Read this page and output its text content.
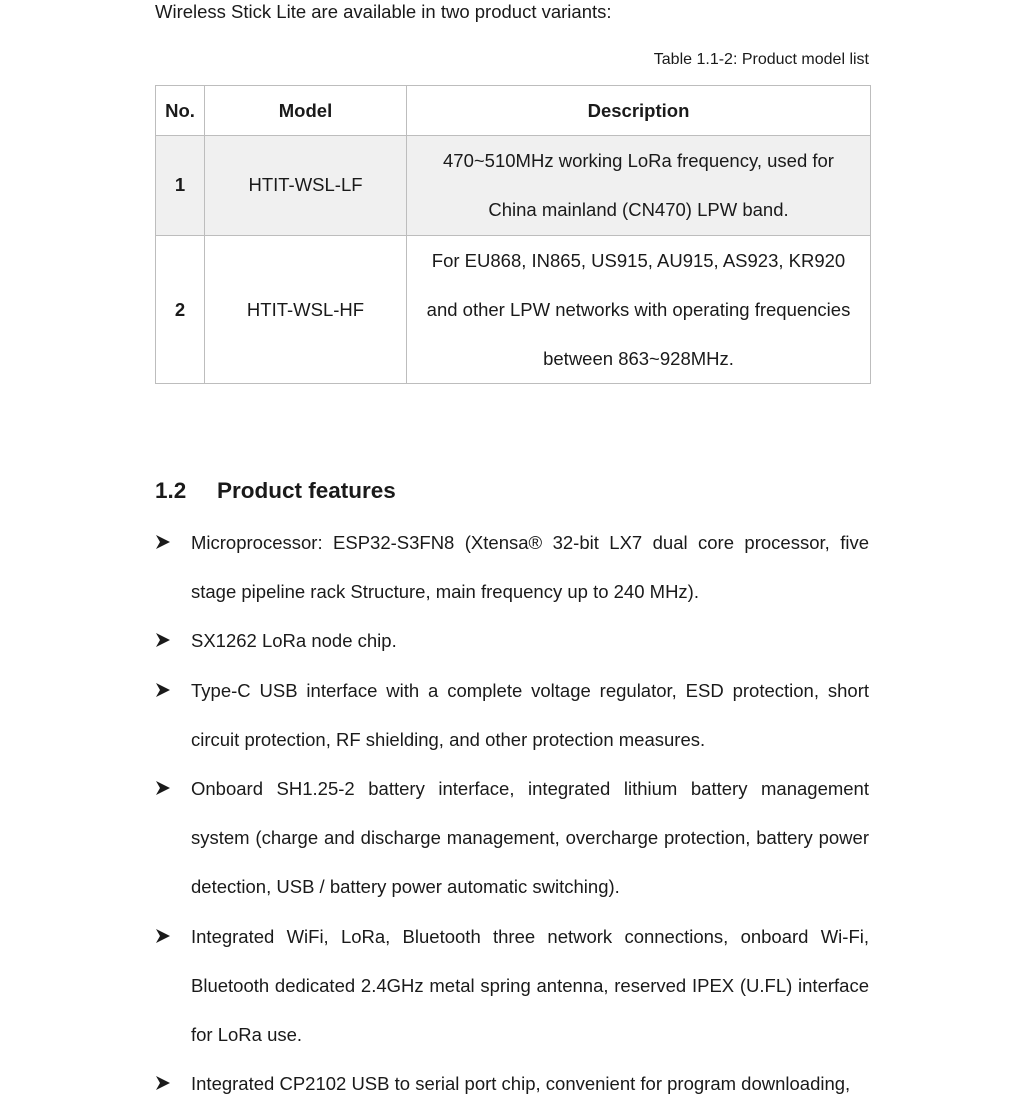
Wireless Stick Lite are available in two product variants:
Table 1.1-2: Product model list
No.	Model	Description
1	HTIT-WSL-LF	470~510MHz working LoRa frequency, used for China mainland (CN470) LPW band.
2	HTIT-WSL-HF	For EU868, IN865, US915, AU915, AS923, KR920 and other LPW networks with operating frequencies between 863~928MHz.
1.2 Product features
Microprocessor: ESP32-S3FN8 (Xtensa® 32-bit LX7 dual core processor, five stage pipeline rack Structure, main frequency up to 240 MHz).
SX1262 LoRa node chip.
Type-C USB interface with a complete voltage regulator, ESD protection, short circuit protection, RF shielding, and other protection measures.
Onboard SH1.25-2 battery interface, integrated lithium battery management system (charge and discharge management, overcharge protection, battery power detection, USB / battery power automatic switching).
Integrated WiFi, LoRa, Bluetooth three network connections, onboard Wi-Fi, Bluetooth dedicated 2.4GHz metal spring antenna, reserved IPEX (U.FL) interface for LoRa use.
Integrated CP2102 USB to serial port chip, convenient for program downloading,
